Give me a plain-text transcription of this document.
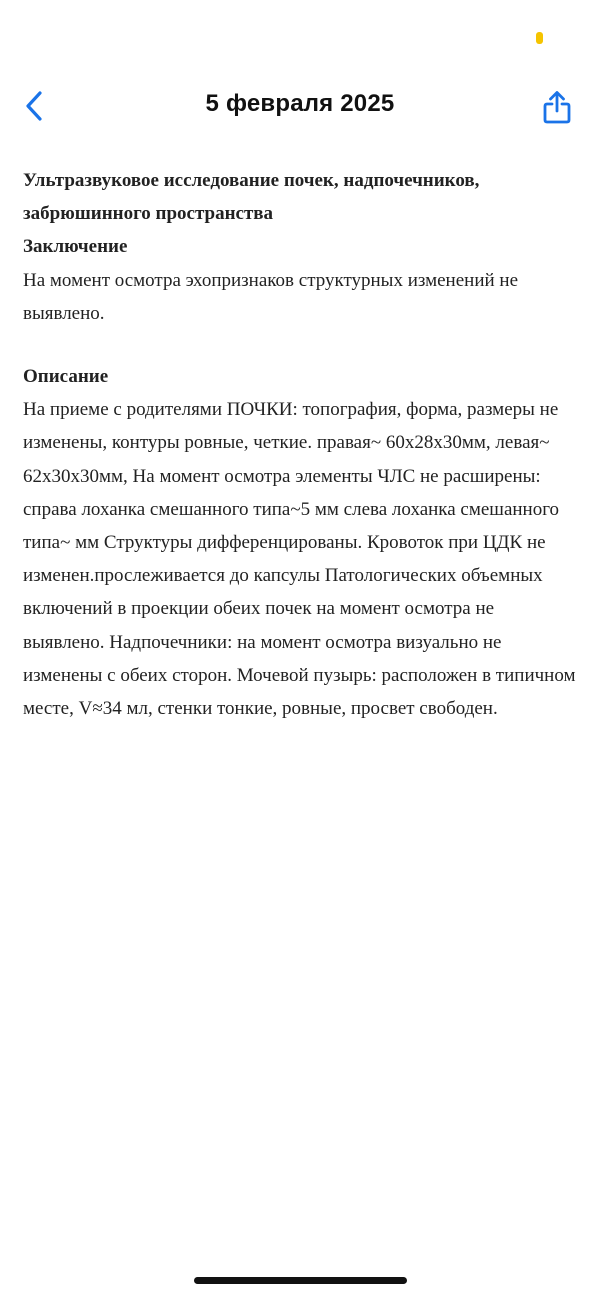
5 февраля 2025

Ультразвуковое исследование почек, надпочечников, забрюшинного пространства

Заключение

На момент осмотра эхопризнаков структурных изменений не выявлено.

Описание

На приеме с родителями ПОЧКИ: топография, форма, размеры не изменены, контуры ровные, четкие. правая~ 60х28х30мм, левая~ 62х30х30мм, На момент осмотра элементы ЧЛС не расширены: справа лоханка смешанного типа~5 мм слева лоханка смешанного типа~ мм Структуры дифференцированы. Кровоток при ЦДК не изменен.прослеживается до капсулы Патологических объемных включений в проекции обеих почек на момент осмотра не выявлено. Надпочечники: на момент осмотра визуально не изменены с обеих сторон. Мочевой пузырь: расположен в типичном месте, V≈34 мл, стенки тонкие, ровные, просвет свободен.
